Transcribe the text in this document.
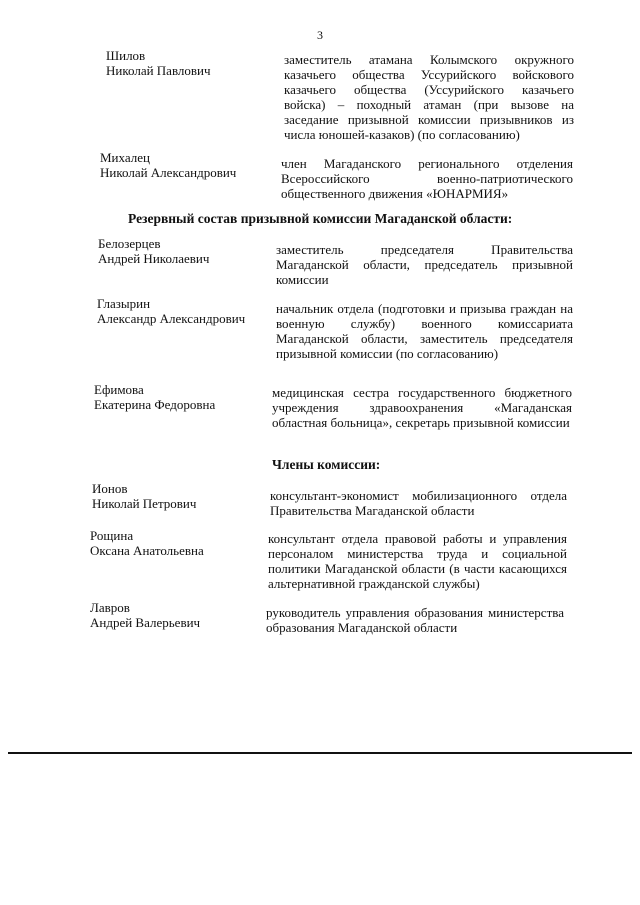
3
Шилов
Николай Павлович
заместитель атамана Колымского окружного казачьего общества Уссурийского войскового казачьего общества (Уссурийского казачьего войска) – походный атаман (при вызове на заседание призывной комиссии призывников из числа юношей-казаков) (по согласованию)
Михалец
Николай Александрович
член Магаданского регионального отделения Всероссийского военно-патриотического общественного движения «ЮНАРМИЯ»
Резервный состав призывной комиссии Магаданской области:
Белозерцев
Андрей Николаевич
заместитель председателя Правительства Магаданской области, председатель призывной комиссии
Глазырин
Александр Александрович
начальник отдела (подготовки и призыва граждан на военную службу) военного комиссариата Магаданской области, заместитель председателя призывной комиссии (по согласованию)
Ефимова
Екатерина Федоровна
медицинская сестра государственного бюджетного учреждения здравоохранения «Магаданская областная больница», секретарь призывной комиссии
Члены комиссии:
Ионов
Николай Петрович
консультант-экономист мобилизационного отдела Правительства Магаданской области
Рощина
Оксана Анатольевна
консультант отдела правовой работы и управления персоналом министерства труда и социальной политики Магаданской области (в части касающихся альтернативной гражданской службы)
Лавров
Андрей Валерьевич
руководитель управления образования министерства образования Магаданской области
